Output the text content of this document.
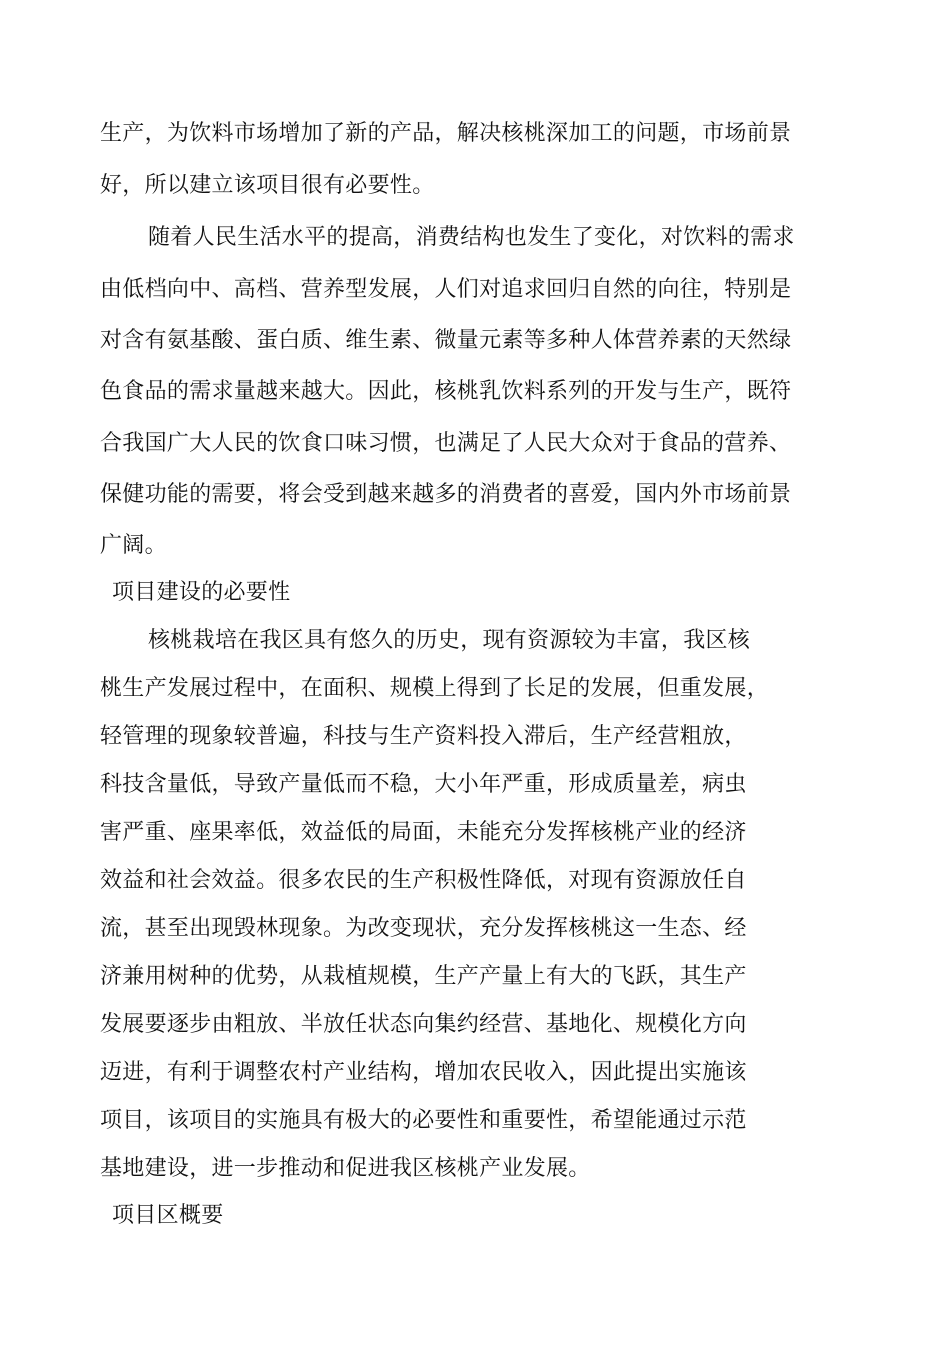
生产，为饮料市场增加了新的产品，解决核桃深加工的问题，市场前景
好，所以建立该项目很有必要性。
随着人民生活水平的提高，消费结构也发生了变化，对饮料的需求
由低档向中、高档、营养型发展，人们对追求回归自然的向往，特别是
对含有氨基酸、蛋白质、维生素、微量元素等多种人体营养素的天然绿
色食品的需求量越来越大。因此，核桃乳饮料系列的开发与生产，既符
合我国广大人民的饮食口味习惯，也满足了人民大众对于食品的营养、
保健功能的需要，将会受到越来越多的消费者的喜爱，国内外市场前景
广阔。
项目建设的必要性
核桃栽培在我区具有悠久的历史，现有资源较为丰富，我区核
桃生产发展过程中，在面积、规模上得到了长足的发展，但重发展，
轻管理的现象较普遍，科技与生产资料投入滞后，生产经营粗放，
科技含量低，导致产量低而不稳，大小年严重，形成质量差，病虫
害严重、座果率低，效益低的局面，未能充分发挥核桃产业的经济
效益和社会效益。很多农民的生产积极性降低，对现有资源放任自
流，甚至出现毁林现象。为改变现状，充分发挥核桃这一生态、经
济兼用树种的优势，从栽植规模，生产产量上有大的飞跃，其生产
发展要逐步由粗放、半放任状态向集约经营、基地化、规模化方向
迈进，有利于调整农村产业结构，增加农民收入，因此提出实施该
项目，该项目的实施具有极大的必要性和重要性，希望能通过示范
基地建设，进一步推动和促进我区核桃产业发展。
项目区概要
